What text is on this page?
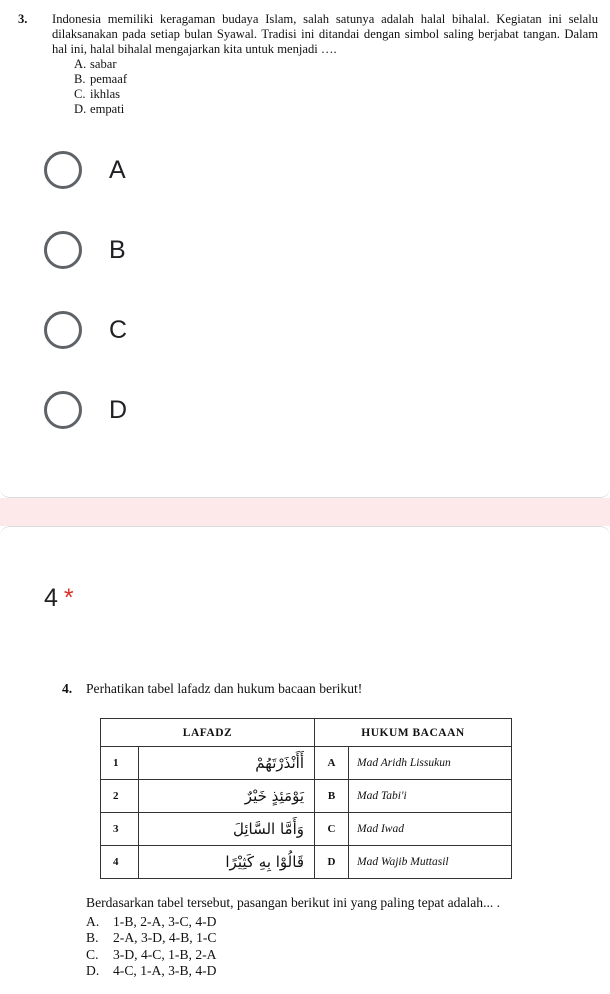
3. Indonesia memiliki keragaman budaya Islam, salah satunya adalah halal bihalal. Kegiatan ini selalu dilaksanakan pada setiap bulan Syawal. Tradisi ini ditandai dengan simbol saling berjabat tangan. Dalam hal ini, halal bihalal mengajarkan kita untuk menjadi ….
A. sabar
B. pemaaf
C. ikhlas
D. empati
A
B
C
D
4 *
4.	Perhatikan tabel lafadz dan hukum bacaan berikut!
LAFADZ		HUKUM BACAAN	
1	أَأَنْذَرْتَهُمْ	A	Mad Aridh Lissukun
2	يَوْمَئِذٍ خَيْرٌ	B	Mad Tabi'i
3	وَأَمَّا السَّائِلَ	C	Mad Iwad
4	قَالُوْا بِهِ كَثِيْرًا	D	Mad Wajib Muttasil
Berdasarkan tabel tersebut, pasangan berikut ini yang paling tepat adalah... .
A.	1-B, 2-A, 3-C, 4-D
B.	2-A, 3-D, 4-B, 1-C
C.	3-D, 4-C, 1-B, 2-A
D.	4-C, 1-A, 3-B, 4-D
